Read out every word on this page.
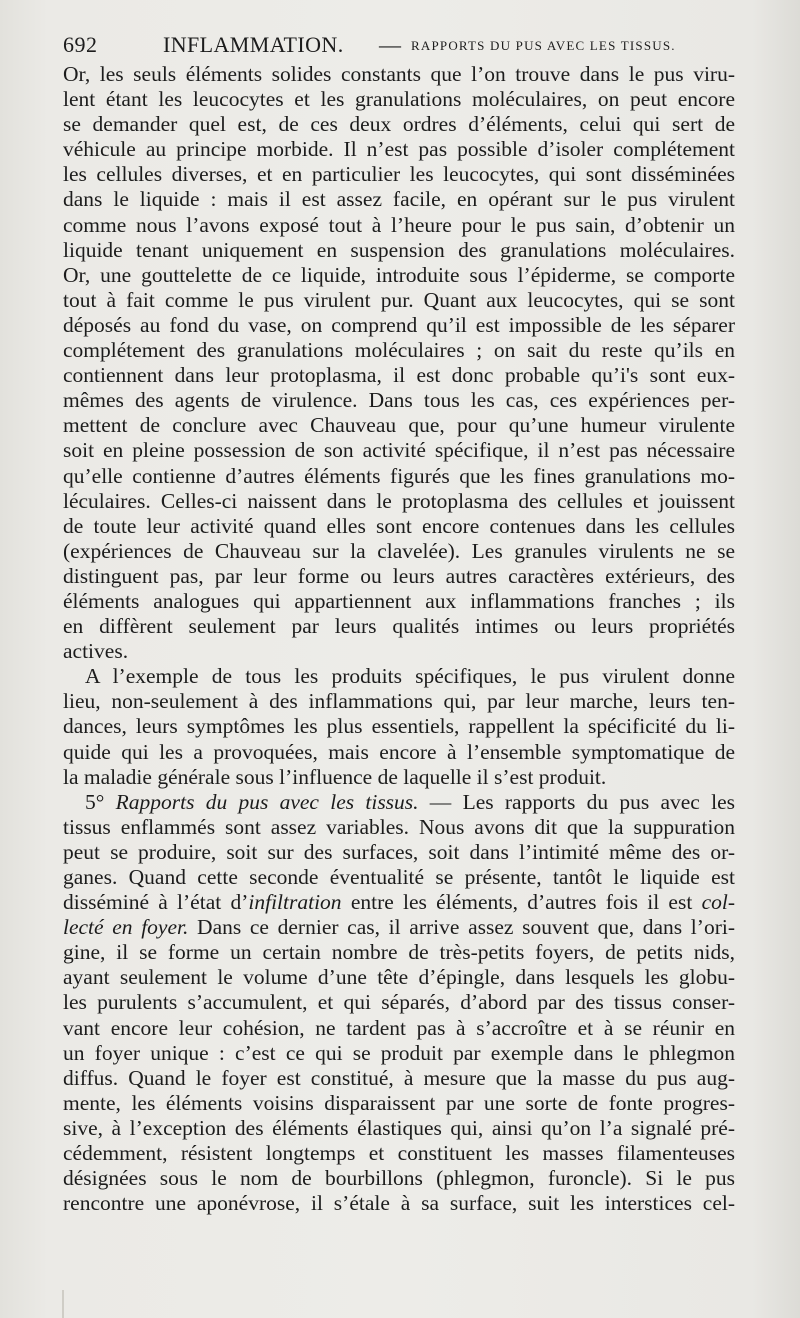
692	INFLAMMATION. — RAPPORTS DU PUS AVEC LES TISSUS.
Or, les seuls éléments solides constants que l’on trouve dans le pus viru-
lent étant les leucocytes et les granulations moléculaires, on peut encore
se demander quel est, de ces deux ordres d’éléments, celui qui sert de
véhicule au principe morbide. Il n’est pas possible d’isoler complétement
les cellules diverses, et en particulier les leucocytes, qui sont disséminées
dans le liquide : mais il est assez facile, en opérant sur le pus virulent
comme nous l’avons exposé tout à l’heure pour le pus sain, d’obtenir un
liquide tenant uniquement en suspension des granulations moléculaires.
Or, une gouttelette de ce liquide, introduite sous l’épiderme, se comporte
tout à fait comme le pus virulent pur. Quant aux leucocytes, qui se sont
déposés au fond du vase, on comprend qu’il est impossible de les séparer
complétement des granulations moléculaires ; on sait du reste qu’ils en
contiennent dans leur protoplasma, il est donc probable qu’i's sont eux-
mêmes des agents de virulence. Dans tous les cas, ces expériences per-
mettent de conclure avec Chauveau que, pour qu’une humeur virulente
soit en pleine possession de son activité spécifique, il n’est pas nécessaire
qu’elle contienne d’autres éléments figurés que les fines granulations mo-
léculaires. Celles-ci naissent dans le protoplasma des cellules et jouissent
de toute leur activité quand elles sont encore contenues dans les cellules
(expériences de Chauveau sur la clavelée). Les granules virulents ne se
distinguent pas, par leur forme ou leurs autres caractères extérieurs, des
éléments analogues qui appartiennent aux inflammations franches ; ils
en diffèrent seulement par leurs qualités intimes ou leurs propriétés
actives.
A l’exemple de tous les produits spécifiques, le pus virulent donne
lieu, non-seulement à des inflammations qui, par leur marche, leurs ten-
dances, leurs symptômes les plus essentiels, rappellent la spécificité du li-
quide qui les a provoquées, mais encore à l’ensemble symptomatique de
la maladie générale sous l’influence de laquelle il s’est produit.
5° Rapports du pus avec les tissus. — Les rapports du pus avec les
tissus enflammés sont assez variables. Nous avons dit que la suppuration
peut se produire, soit sur des surfaces, soit dans l’intimité même des or-
ganes. Quand cette seconde éventualité se présente, tantôt le liquide est
disséminé à l’état d’infiltration entre les éléments, d’autres fois il est col-
lecté en foyer. Dans ce dernier cas, il arrive assez souvent que, dans l’ori-
gine, il se forme un certain nombre de très-petits foyers, de petits nids,
ayant seulement le volume d’une tête d’épingle, dans lesquels les globu-
les purulents s’accumulent, et qui séparés, d’abord par des tissus conser-
vant encore leur cohésion, ne tardent pas à s’accroître et à se réunir en
un foyer unique : c’est ce qui se produit par exemple dans le phlegmon
diffus. Quand le foyer est constitué, à mesure que la masse du pus aug-
mente, les éléments voisins disparaissent par une sorte de fonte progres-
sive, à l’exception des éléments élastiques qui, ainsi qu’on l’a signalé pré-
cédemment, résistent longtemps et constituent les masses filamenteuses
désignées sous le nom de bourbillons (phlegmon, furoncle). Si le pus
rencontre une aponévrose, il s’étale à sa surface, suit les interstices cel-
